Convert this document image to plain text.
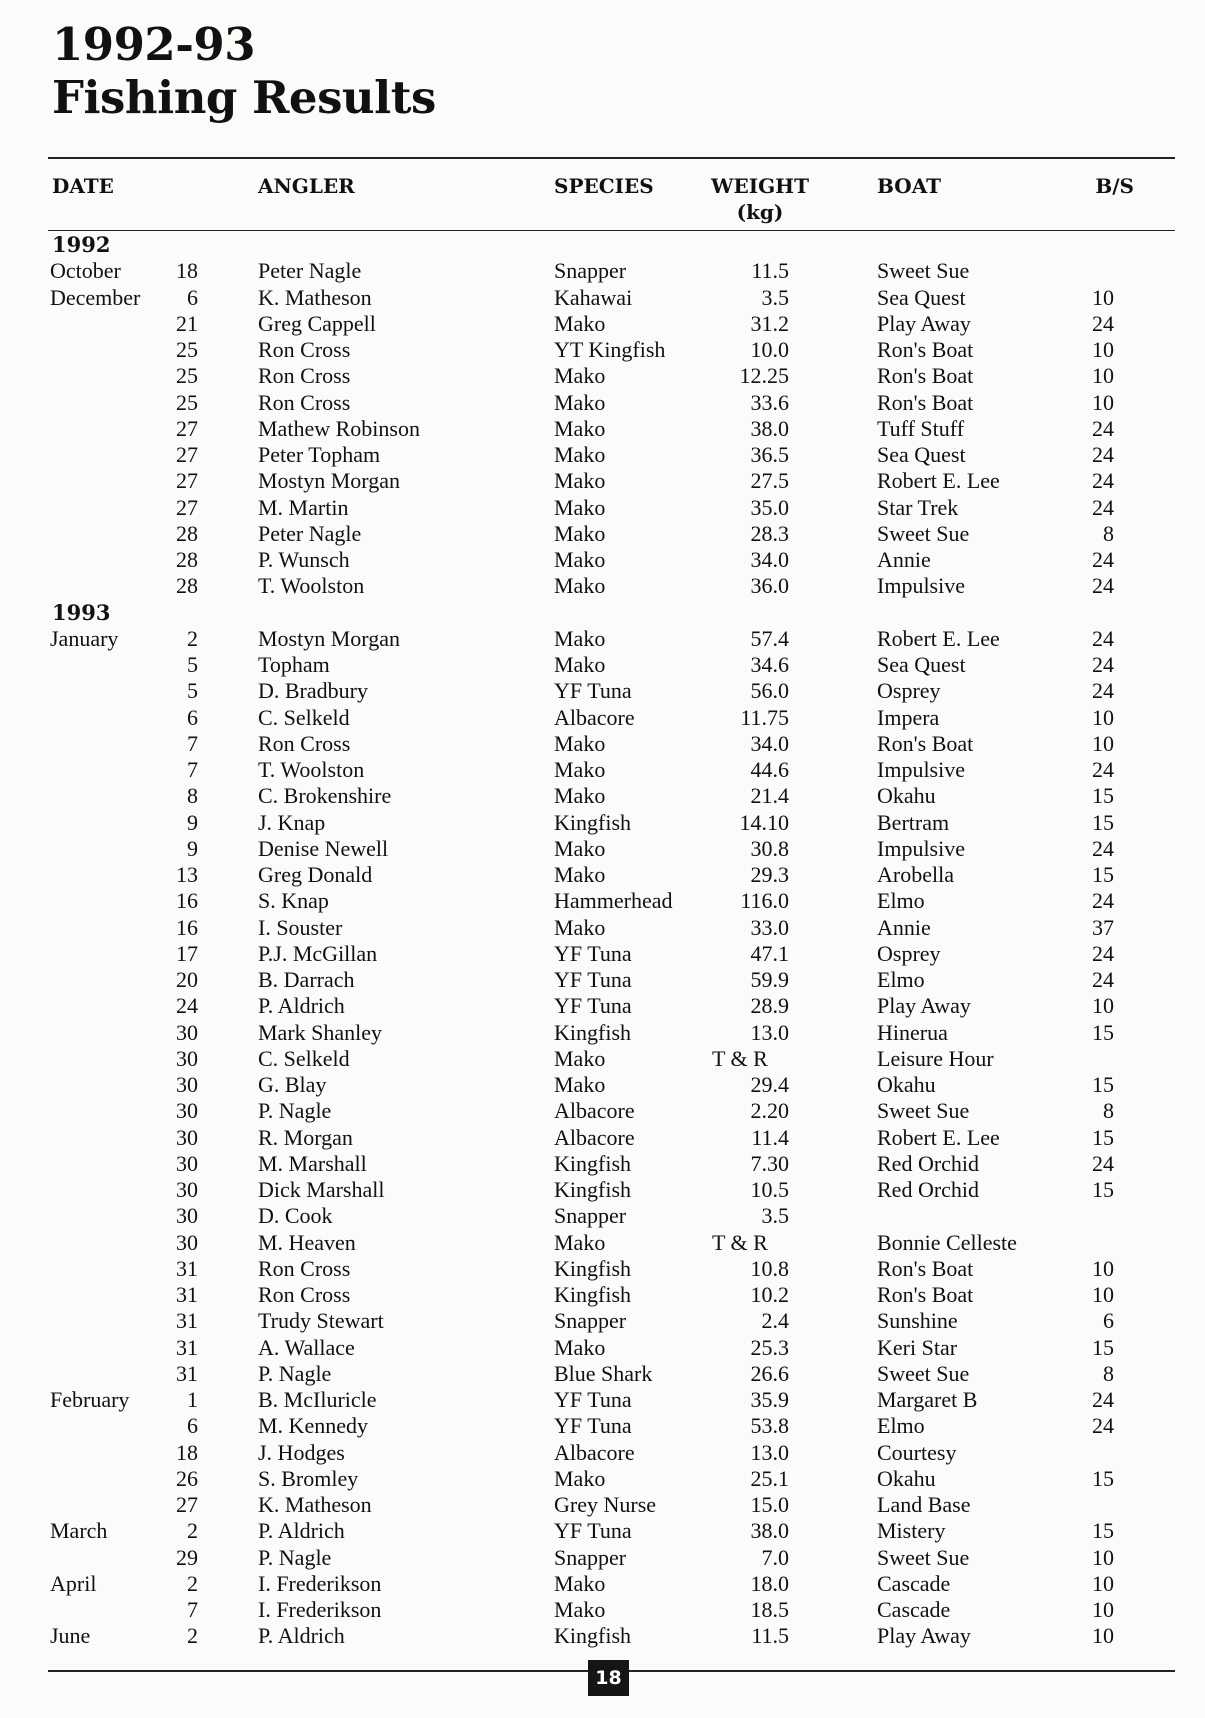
1992-93
Fishing Results
DATE	ANGLER	SPECIES	WEIGHT
(kg)
BOAT	B/S
1992
October	18	Peter Nagle	Snapper	11.5	Sweet Sue
December	6	K. Matheson	Kahawai	3.5	Sea Quest	10
21	Greg Cappell	Mako	31.2	Play Away	24
25	Ron Cross	YT Kingfish	10.0	Ron's Boat	10
25	Ron Cross	Mako	12.25	Ron's Boat	10
25	Ron Cross	Mako	33.6	Ron's Boat	10
27	Mathew Robinson	Mako	38.0	Tuff Stuff	24
27	Peter Topham	Mako	36.5	Sea Quest	24
27	Mostyn Morgan	Mako	27.5	Robert E. Lee	24
27	M. Martin	Mako	35.0	Star Trek	24
28	Peter Nagle	Mako	28.3	Sweet Sue	8
28	P. Wunsch	Mako	34.0	Annie	24
28	T. Woolston	Mako	36.0	Impulsive	24
1993
January	2	Mostyn Morgan	Mako	57.4	Robert E. Lee	24
5	Topham	Mako	34.6	Sea Quest	24
5	D. Bradbury	YF Tuna	56.0	Osprey	24
6	C. Selkeld	Albacore	11.75	Impera	10
7	Ron Cross	Mako	34.0	Ron's Boat	10
7	T. Woolston	Mako	44.6	Impulsive	24
8	C. Brokenshire	Mako	21.4	Okahu	15
9	J. Knap	Kingfish	14.10	Bertram	15
9	Denise Newell	Mako	30.8	Impulsive	24
13	Greg Donald	Mako	29.3	Arobella	15
16	S. Knap	Hammerhead	116.0	Elmo	24
16	I. Souster	Mako	33.0	Annie	37
17	P.J. McGillan	YF Tuna	47.1	Osprey	24
20	B. Darrach	YF Tuna	59.9	Elmo	24
24	P. Aldrich	YF Tuna	28.9	Play Away	10
30	Mark Shanley	Kingfish	13.0	Hinerua	15
30	C. Selkeld	Mako	T & R	Leisure Hour
30	G. Blay	Mako	29.4	Okahu	15
30	P. Nagle	Albacore	2.20	Sweet Sue	8
30	R. Morgan	Albacore	11.4	Robert E. Lee	15
30	M. Marshall	Kingfish	7.30	Red Orchid	24
30	Dick Marshall	Kingfish	10.5	Red Orchid	15
30	D. Cook	Snapper	3.5
30	M. Heaven	Mako	T & R	Bonnie Celleste
31	Ron Cross	Kingfish	10.8	Ron's Boat	10
31	Ron Cross	Kingfish	10.2	Ron's Boat	10
31	Trudy Stewart	Snapper	2.4	Sunshine	6
31	A. Wallace	Mako	25.3	Keri Star	15
31	P. Nagle	Blue Shark	26.6	Sweet Sue	8
February	1	B. McIluricle	YF Tuna	35.9	Margaret B	24
6	M. Kennedy	YF Tuna	53.8	Elmo	24
18	J. Hodges	Albacore	13.0	Courtesy
26	S. Bromley	Mako	25.1	Okahu	15
27	K. Matheson	Grey Nurse	15.0	Land Base
March	2	P. Aldrich	YF Tuna	38.0	Mistery	15
29	P. Nagle	Snapper	7.0	Sweet Sue	10
April	2	I. Frederikson	Mako	18.0	Cascade	10
7	I. Frederikson	Mako	18.5	Cascade	10
June	2	P. Aldrich	Kingfish	11.5	Play Away	10
18
